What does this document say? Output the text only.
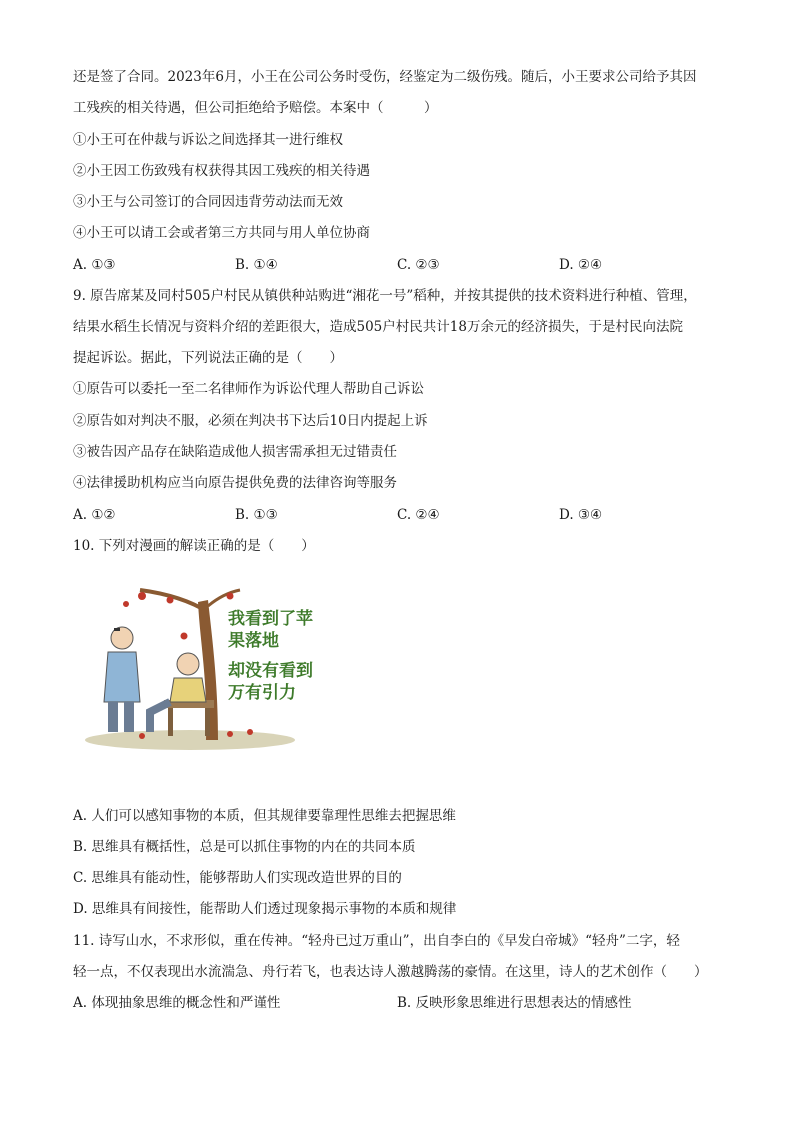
还是签了合同。2023年6月，小王在公司公务时受伤，经鉴定为二级伤残。随后，小王要求公司给予其因
工残疾的相关待遇，但公司拒绝给予赔偿。本案中（　　　）
①小王可在仲裁与诉讼之间选择其一进行维权
②小王因工伤致残有权获得其因工残疾的相关待遇
③小王与公司签订的合同因违背劳动法而无效
④小王可以请工会或者第三方共同与用人单位协商
A. ①③	B. ①④	C. ②③	D. ②④
9. 原告席某及同村505户村民从镇供种站购进“湘花一号”稻种，并按其提供的技术资料进行种植、管理，
结果水稻生长情况与资料介绍的差距很大，造成505户村民共计18万余元的经济损失，于是村民向法院
提起诉讼。据此，下列说法正确的是（　　）
①原告可以委托一至二名律师作为诉讼代理人帮助自己诉讼
②原告如对判决不服，必须在判决书下达后10日内提起上诉
③被告因产品存在缺陷造成他人损害需承担无过错责任
④法律援助机构应当向原告提供免费的法律咨询等服务
A. ①②	B. ①③	C. ②④	D. ③④
10. 下列对漫画的解读正确的是（　　）
我看到了苹
果落地
却没有看到
万有引力
A. 人们可以感知事物的本质，但其规律要靠理性思维去把握思维
B. 思维具有概括性，总是可以抓住事物的内在的共同本质
C. 思维具有能动性，能够帮助人们实现改造世界的目的
D. 思维具有间接性，能帮助人们透过现象揭示事物的本质和规律
11. 诗写山水，不求形似，重在传神。“轻舟已过万重山”，出自李白的《早发白帝城》“轻舟”二字，轻
轻一点，不仅表现出水流湍急、舟行若飞，也表达诗人激越腾荡的豪情。在这里，诗人的艺术创作（　　）
A. 体现抽象思维的概念性和严谨性	B. 反映形象思维进行思想表达的情感性
